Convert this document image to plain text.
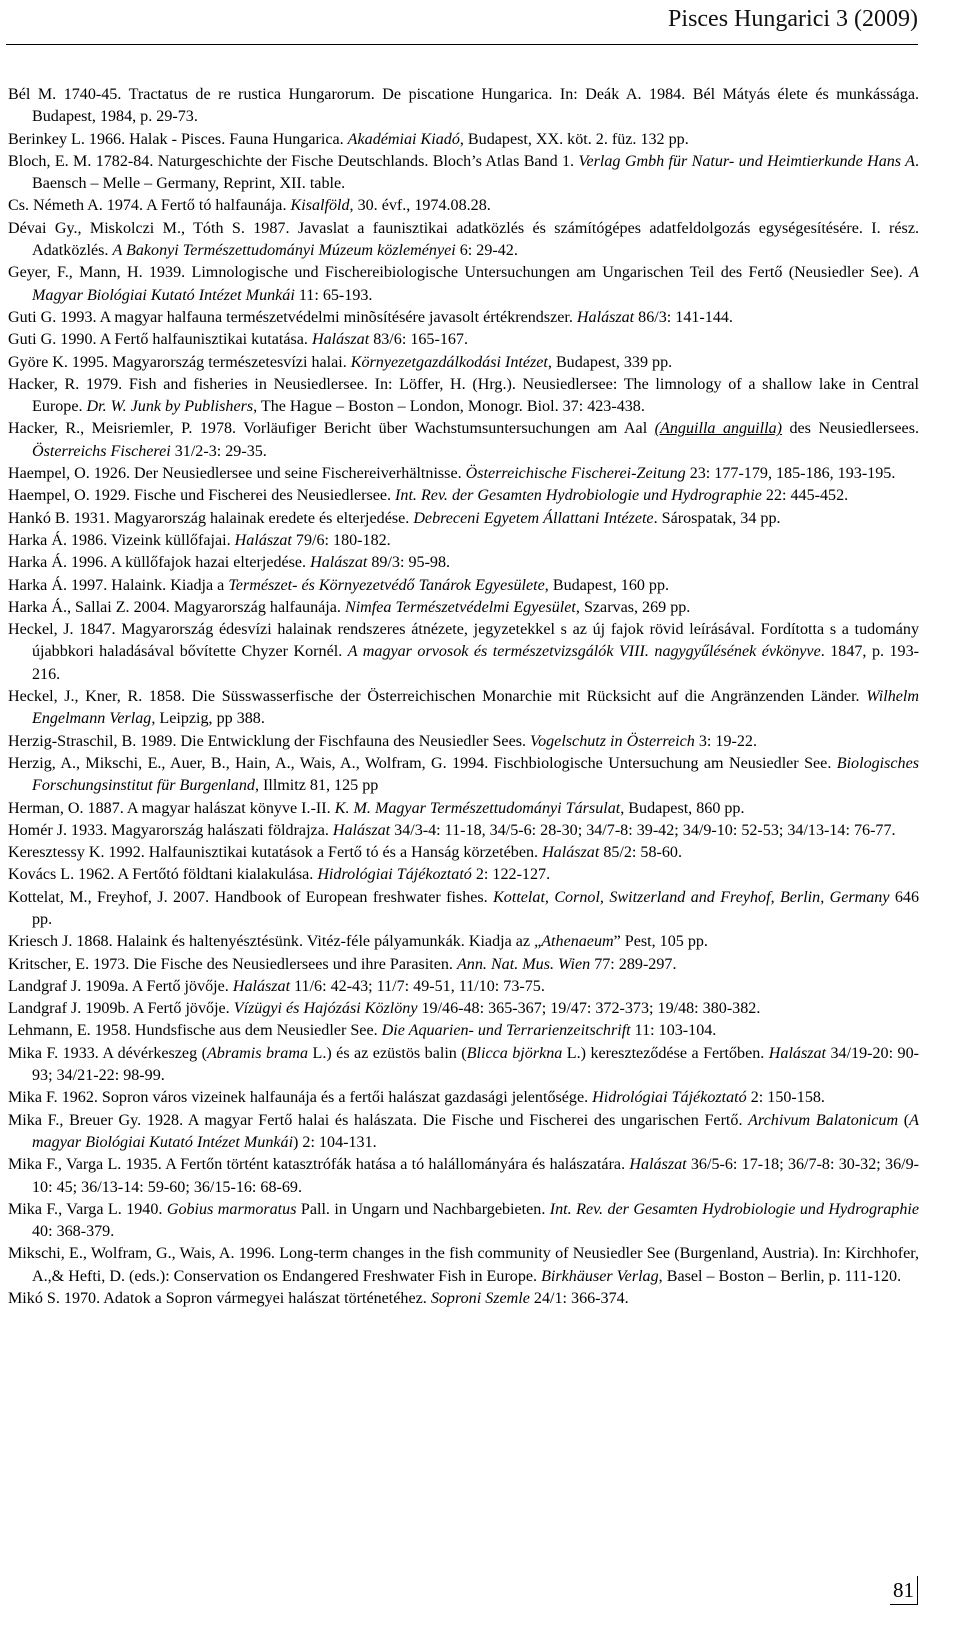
Pisces Hungarici 3 (2009)
Bél M. 1740-45. Tractatus de re rustica Hungarorum. De piscatione Hungarica. In: Deák A. 1984. Bél Mátyás élete és munkássága. Budapest, 1984, p. 29-73.
Berinkey L. 1966. Halak - Pisces. Fauna Hungarica. Akadémiai Kiadó, Budapest, XX. köt. 2. füz. 132 pp.
Bloch, E. M. 1782-84. Naturgeschichte der Fische Deutschlands. Bloch’s Atlas Band 1. Verlag Gmbh für Natur- und Heimtierkunde Hans A. Baensch – Melle – Germany, Reprint, XII. table.
Cs. Németh A. 1974. A Fertő tó halfaunája. Kisalföld, 30. évf., 1974.08.28.
Dévai Gy., Miskolczi M., Tóth S. 1987. Javaslat a faunisztikai adatközlés és számítógépes adatfeldolgozás egységesítésére. I. rész. Adatközlés. A Bakonyi Természettudományi Múzeum közleményei 6: 29-42.
Geyer, F., Mann, H. 1939. Limnologische und Fischereibiologische Untersuchungen am Ungarischen Teil des Fertő (Neusiedler See). A Magyar Biológiai Kutató Intézet Munkái 11: 65-193.
Guti G. 1993. A magyar halfauna természetvédelmi minõsítésére javasolt értékrendszer. Halászat 86/3: 141-144.
Guti G. 1990. A Fertő halfaunisztikai kutatása. Halászat 83/6: 165-167.
Györe K. 1995. Magyarország természetesvízi halai. Környezetgazdálkodási Intézet, Budapest, 339 pp.
Hacker, R. 1979. Fish and fisheries in Neusiedlersee. In: Löffer, H. (Hrg.). Neusiedlersee: The limnology of a shallow lake in Central Europe. Dr. W. Junk by Publishers, The Hague – Boston – London, Monogr. Biol. 37: 423-438.
Hacker, R., Meisriemler, P. 1978. Vorläufiger Bericht über Wachstumsuntersuchungen am Aal (Anguilla anguilla) des Neusiedlersees. Österreichs Fischerei 31/2-3: 29-35.
Haempel, O. 1926. Der Neusiedlersee und seine Fischereiverhältnisse. Österreichische Fischerei-Zeitung 23: 177-179, 185-186, 193-195.
Haempel, O. 1929. Fische und Fischerei des Neusiedlersee. Int. Rev. der Gesamten Hydrobiologie und Hydrographie 22: 445-452.
Hankó B. 1931. Magyarország halainak eredete és elterjedése. Debreceni Egyetem Állattani Intézete. Sárospatak, 34 pp.
Harka Á. 1986. Vizeink küllőfajai. Halászat 79/6: 180-182.
Harka Á. 1996. A küllőfajok hazai elterjedése. Halászat 89/3: 95-98.
Harka Á. 1997. Halaink. Kiadja a Természet- és Környezetvédő Tanárok Egyesülete, Budapest, 160 pp.
Harka Á., Sallai Z. 2004. Magyarország halfaunája. Nimfea Természetvédelmi Egyesület, Szarvas, 269 pp.
Heckel, J. 1847. Magyarország édesvízi halainak rendszeres átnézete, jegyzetekkel s az új fajok rövid leírásával. Fordította s a tudomány újabbkori haladásával bővítette Chyzer Kornél. A magyar orvosok és természetvizsgálók VIII. nagygyűlésének évkönyve. 1847, p. 193-216.
Heckel, J., Kner, R. 1858. Die Süsswasserfische der Österreichischen Monarchie mit Rücksicht auf die Angränzenden Länder. Wilhelm Engelmann Verlag, Leipzig, pp 388.
Herzig-Straschil, B. 1989. Die Entwicklung der Fischfauna des Neusiedler Sees. Vogelschutz in Österreich 3: 19-22.
Herzig, A., Mikschi, E., Auer, B., Hain, A., Wais, A., Wolfram, G. 1994. Fischbiologische Untersuchung am Neusiedler See. Biologisches Forschungsinstitut für Burgenland, Illmitz 81, 125 pp
Herman, O. 1887. A magyar halászat könyve I.-II. K. M. Magyar Természettudományi Társulat, Budapest, 860 pp.
Homér J. 1933. Magyarország halászati földrajza. Halászat 34/3-4: 11-18, 34/5-6: 28-30; 34/7-8: 39-42; 34/9-10: 52-53; 34/13-14: 76-77.
Keresztessy K. 1992. Halfaunisztikai kutatások a Fertő tó és a Hanság körzetében. Halászat 85/2: 58-60.
Kovács L. 1962. A Fertőtó földtani kialakulása. Hidrológiai Tájékoztató 2: 122-127.
Kottelat, M., Freyhof, J. 2007. Handbook of European freshwater fishes. Kottelat, Cornol, Switzerland and Freyhof, Berlin, Germany 646 pp.
Kriesch J. 1868. Halaink és haltenyésztésünk. Vitéz-féle pályamunkák. Kiadja az „Athenaeum” Pest, 105 pp.
Kritscher, E. 1973. Die Fische des Neusiedlersees und ihre Parasiten. Ann. Nat. Mus. Wien 77: 289-297.
Landgraf J. 1909a. A Fertő jövője. Halászat 11/6: 42-43; 11/7: 49-51, 11/10: 73-75.
Landgraf J. 1909b. A Fertő jövője. Vízügyi és Hajózási Közlöny 19/46-48: 365-367; 19/47: 372-373; 19/48: 380-382.
Lehmann, E. 1958. Hundsfische aus dem Neusiedler See. Die Aquarien- und Terrarienzeitschrift 11: 103-104.
Mika F. 1933. A dévérkeszeg (Abramis brama L.) és az ezüstös balin (Blicca björkna L.) kereszteződése a Fertőben. Halászat 34/19-20: 90-93; 34/21-22: 98-99.
Mika F. 1962. Sopron város vizeinek halfaunája és a fertői halászat gazdasági jelentősége. Hidrológiai Tájékoztató 2: 150-158.
Mika F., Breuer Gy. 1928. A magyar Fertő halai és halászata. Die Fische und Fischerei des ungarischen Fertő. Archivum Balatonicum (A magyar Biológiai Kutató Intézet Munkái) 2: 104-131.
Mika F., Varga L. 1935. A Fertőn történt katasztrófák hatása a tó halállományára és halászatára. Halászat 36/5-6: 17-18; 36/7-8: 30-32; 36/9-10: 45; 36/13-14: 59-60; 36/15-16: 68-69.
Mika F., Varga L. 1940. Gobius marmoratus Pall. in Ungarn und Nachbargebieten. Int. Rev. der Gesamten Hydrobiologie und Hydrographie 40: 368-379.
Mikschi, E., Wolfram, G., Wais, A. 1996. Long-term changes in the fish community of Neusiedler See (Burgenland, Austria). In: Kirchhofer, A.,& Hefti, D. (eds.): Conservation os Endangered Freshwater Fish in Europe. Birkhäuser Verlag, Basel – Boston – Berlin, p. 111-120.
Mikó S. 1970. Adatok a Sopron vármegyei halászat történetéhez. Soproni Szemle 24/1: 366-374.
81
